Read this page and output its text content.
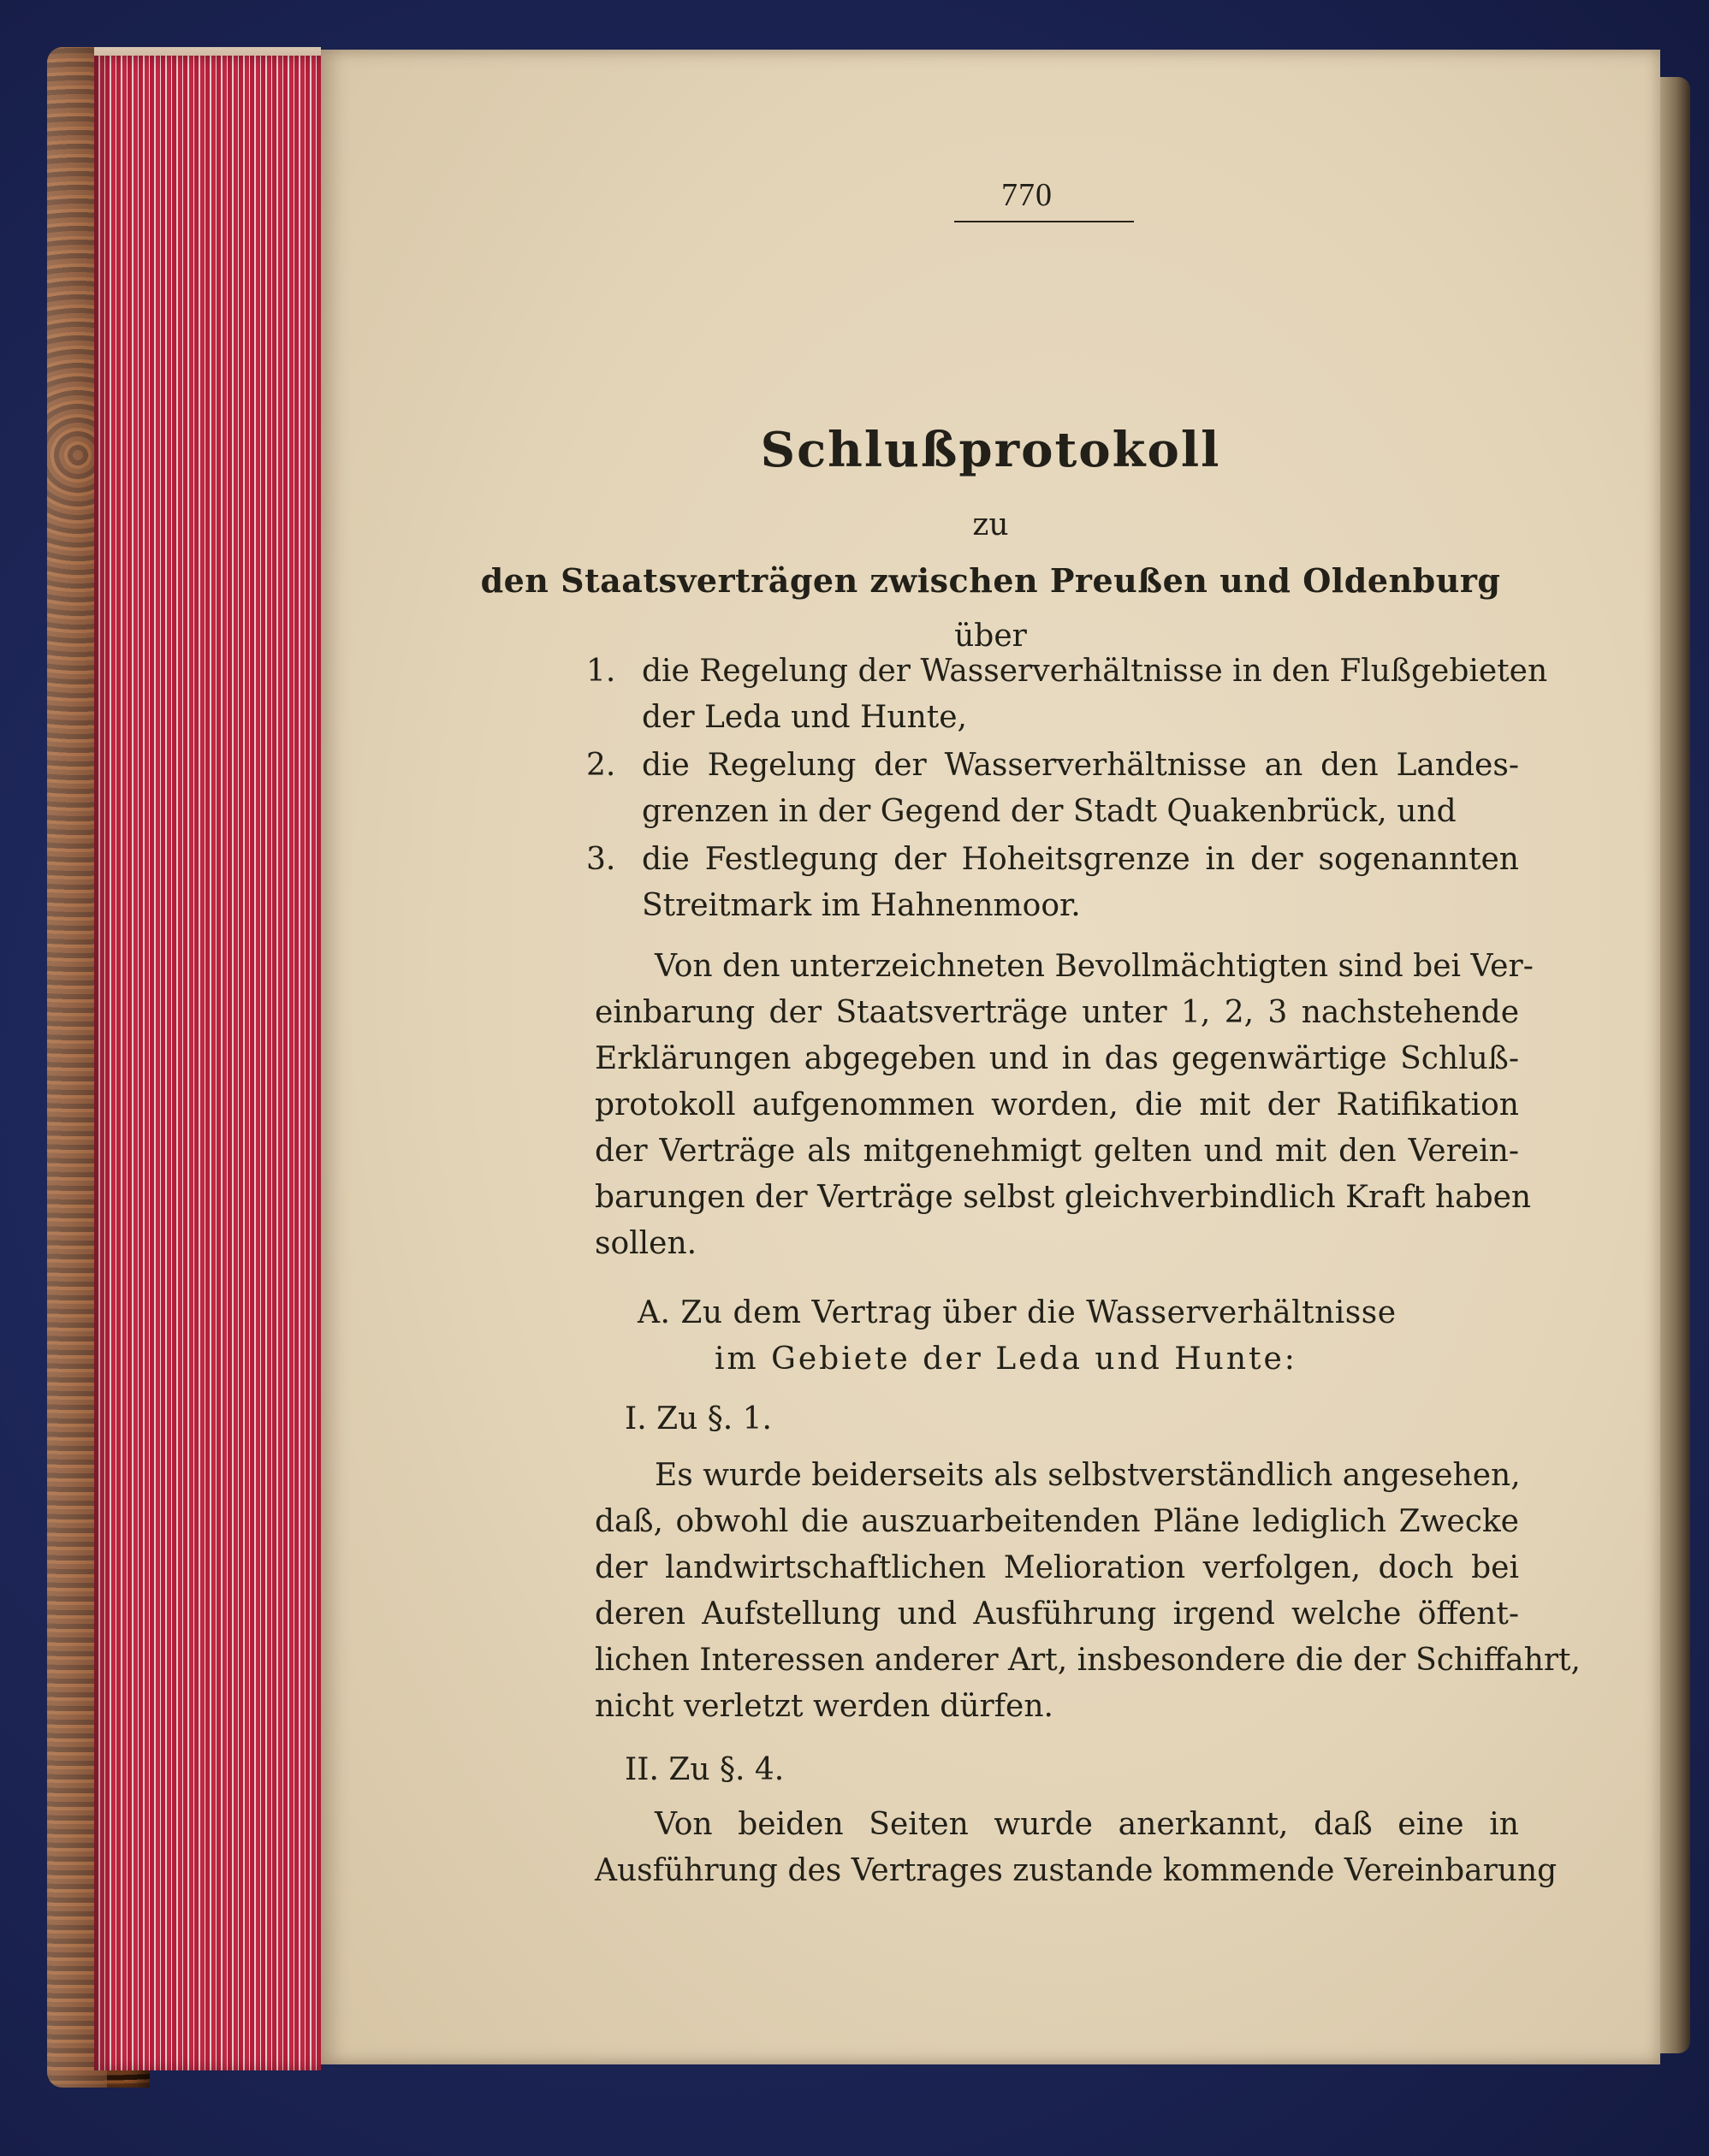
770
Schlußprotokoll
zu
den Staatsverträgen zwischen Preußen und Oldenburg
über
1. die Regelung der Wasserverhältnisse in den Flußgebieten
der Leda und Hunte,
2. die Regelung der Wasserverhältnisse an den Landes-
grenzen in der Gegend der Stadt Quakenbrück, und
3. die Festlegung der Hoheitsgrenze in der sogenannten
Streitmark im Hahnenmoor.
Von den unterzeichneten Bevollmächtigten sind bei Ver-
einbarung der Staatsverträge unter 1, 2, 3 nachstehende
Erklärungen abgegeben und in das gegenwärtige Schluß-
protokoll aufgenommen worden, die mit der Ratifikation
der Verträge als mitgenehmigt gelten und mit den Verein-
barungen der Verträge selbst gleichverbindlich Kraft haben
sollen.
A. Zu dem Vertrag über die Wasserverhältnisse
im Gebiete der Leda und Hunte:
I. Zu §. 1.
Es wurde beiderseits als selbstverständlich angesehen,
daß, obwohl die auszuarbeitenden Pläne lediglich Zwecke
der landwirtschaftlichen Melioration verfolgen, doch bei
deren Aufstellung und Ausführung irgend welche öffent-
lichen Interessen anderer Art, insbesondere die der Schiffahrt,
nicht verletzt werden dürfen.
II. Zu §. 4.
Von beiden Seiten wurde anerkannt, daß eine in
Ausführung des Vertrages zustande kommende Vereinbarung
